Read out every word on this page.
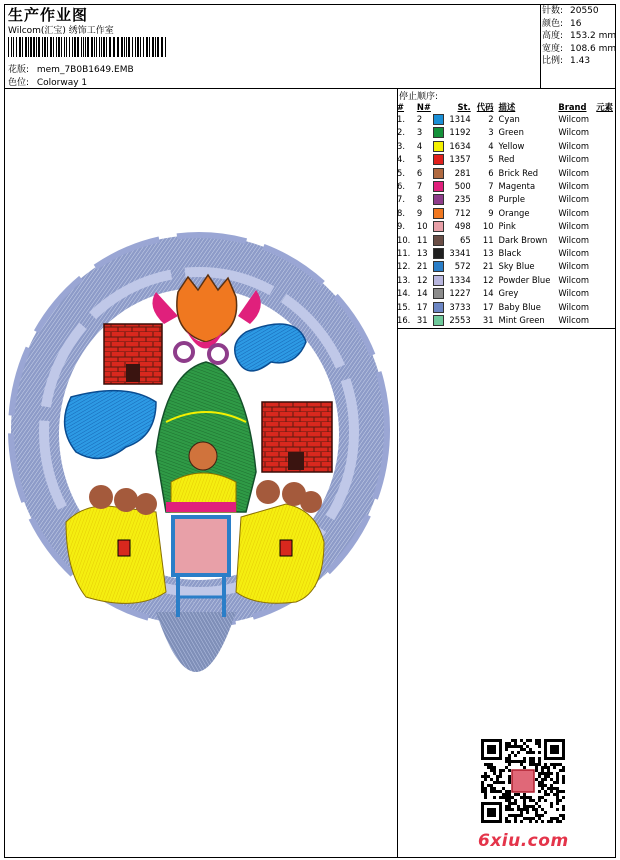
生产作业图
Wilcom(汇宝) 绣饰工作室
花版: mem_7B0B1649.EMB
色位: Colorway 1
针数: 20550
颜色: 16
高度: 153.2 mm
宽度: 108.6 mm
比例: 1.43
停止顺序:
#	N#		St.	代码	描述	Brand	元素
1.	2		1314	2	Cyan	Wilcom	
2.	3		1192	3	Green	Wilcom	
3.	4		1634	4	Yellow	Wilcom	
4.	5		1357	5	Red	Wilcom	
5.	6		281	6	Brick Red	Wilcom	
6.	7		500	7	Magenta	Wilcom	
7.	8		235	8	Purple	Wilcom	
8.	9		712	9	Orange	Wilcom	
9.	10		498	10	Pink	Wilcom	
10.	11		65	11	Dark Brown	Wilcom	
11.	13		3341	13	Black	Wilcom	
12.	21		572	21	Sky Blue	Wilcom	
13.	12		1334	12	Powder Blue	Wilcom	
14.	14		1227	14	Grey	Wilcom	
15.	17		3733	17	Baby Blue	Wilcom	
16.	31		2553	31	Mint Green	Wilcom	
6xiu.com
